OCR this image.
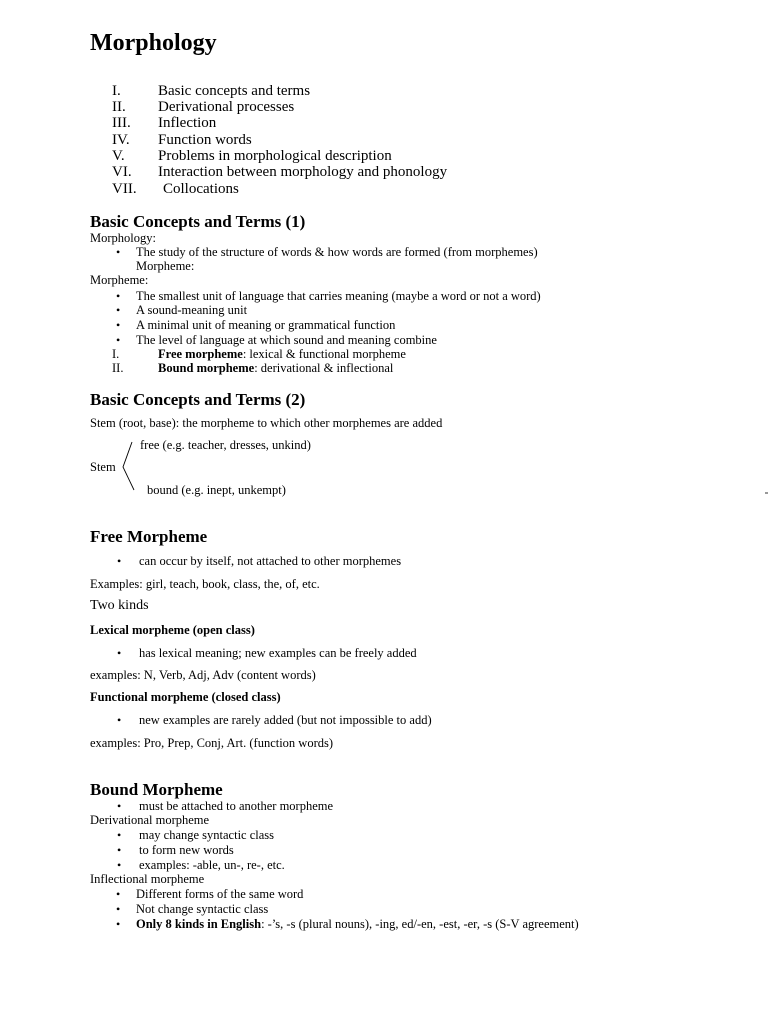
Morphology
I. Basic concepts and terms
II. Derivational processes
III. Inflection
IV. Function words
V. Problems in morphological description
VI. Interaction between morphology and phonology
VII. Collocations
Basic Concepts and Terms (1)
Morphology:
• The study of the structure of words & how words are formed (from morphemes)
Morpheme:
Morpheme:
• The smallest unit of language that carries meaning (maybe a word or not a word)
• A sound-meaning unit
• A minimal unit of meaning or grammatical function
• The level of language at which sound and meaning combine
I.	Free morpheme: lexical & functional morpheme
II.	Bound morpheme: derivational & inflectional
Basic Concepts and Terms (2)
Stem (root, base): the morpheme to which other morphemes are added
free (e.g. teacher, dresses, unkind)
Stem
bound (e.g. inept, unkempt)
Free Morpheme
• can occur by itself, not attached to other morphemes
Examples: girl, teach, book, class, the, of, etc.
Two kinds
Lexical morpheme (open class)
• has lexical meaning; new examples can be freely added
examples: N, Verb, Adj, Adv (content words)
Functional morpheme (closed class)
• new examples are rarely added (but not impossible to add)
examples: Pro, Prep, Conj, Art. (function words)
Bound Morpheme
• must be attached to another morpheme
Derivational morpheme
• may change syntactic class
• to form new words
• examples: -able, un-, re-, etc.
Inflectional morpheme
• Different forms of the same word
• Not change syntactic class
• Only 8 kinds in English: -’s, -s (plural nouns), -ing, ed/-en, -est, -er, -s (S-V agreement)
